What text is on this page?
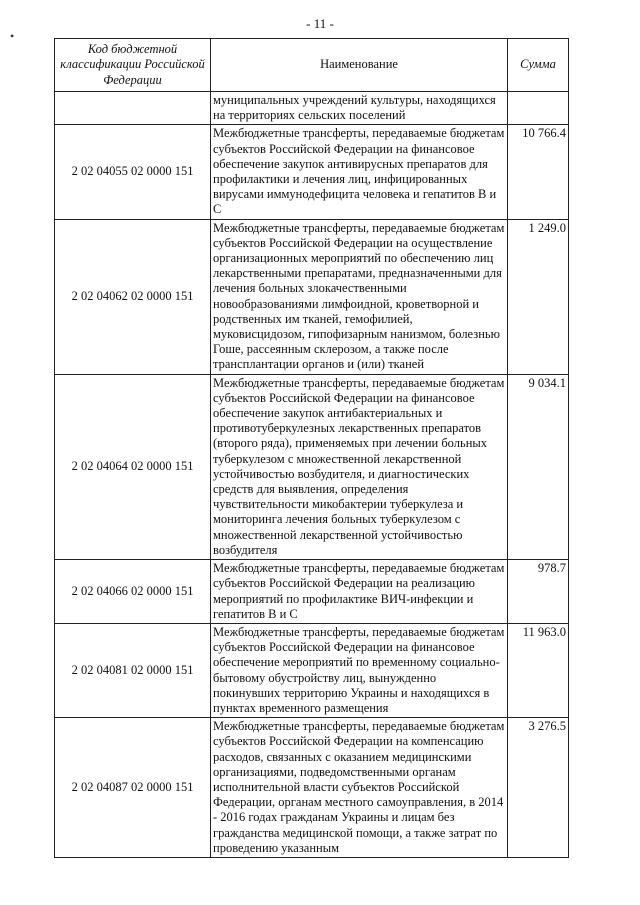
- 11 -
•
Код бюджетной классификации Российской Федерации	Наименование	Сумма
	муниципальных учреждений культуры, находящихся на территориях сельских поселений	
2 02 04055 02 0000 151	Межбюджетные трансферты, передаваемые бюджетам субъектов Российской Федерации на финансовое обеспечение закупок антивирусных препаратов для профилактики и лечения лиц, инфицированных вирусами иммунодефицита человека и гепатитов В и С	10 766.4
2 02 04062 02 0000 151	Межбюджетные трансферты, передаваемые бюджетам субъектов Российской Федерации на осуществление организационных мероприятий по обеспечению лиц лекарственными препаратами, предназначенными для лечения больных злокачественными новообразованиями лимфоидной, кроветворной и родственных им тканей, гемофилией, муковисцидозом, гипофизарным нанизмом, болезнью Гоше, рассеянным склерозом, а также после трансплантации органов и (или) тканей	1 249.0
2 02 04064 02 0000 151	Межбюджетные трансферты, передаваемые бюджетам субъектов Российской Федерации на финансовое обеспечение закупок антибактериальных и противотуберкулезных лекарственных препаратов (второго ряда), применяемых при лечении больных туберкулезом с множественной лекарственной устойчивостью возбудителя, и диагностических средств для выявления, определения чувствительности микобактерии туберкулеза и мониторинга лечения больных туберкулезом с множественной лекарственной устойчивостью возбудителя	9 034.1
2 02 04066 02 0000 151	Межбюджетные трансферты, передаваемые бюджетам субъектов Российской Федерации на реализацию мероприятий по профилактике ВИЧ-инфекции и гепатитов В и С	978.7
2 02 04081 02 0000 151	Межбюджетные трансферты, передаваемые бюджетам субъектов Российской Федерации на финансовое обеспечение мероприятий по временному социально-бытовому обустройству лиц, вынужденно покинувших территорию Украины и находящихся в пунктах временного размещения	11 963.0
2 02 04087 02 0000 151	Межбюджетные трансферты, передаваемые бюджетам субъектов Российской Федерации на компенсацию расходов, связанных с оказанием медицинскими организациями, подведомственными органам исполнительной власти субъектов Российской Федерации, органам местного самоуправления, в 2014 - 2016 годах гражданам Украины и лицам без гражданства медицинской помощи, а также затрат по проведению указанным	3 276.5
